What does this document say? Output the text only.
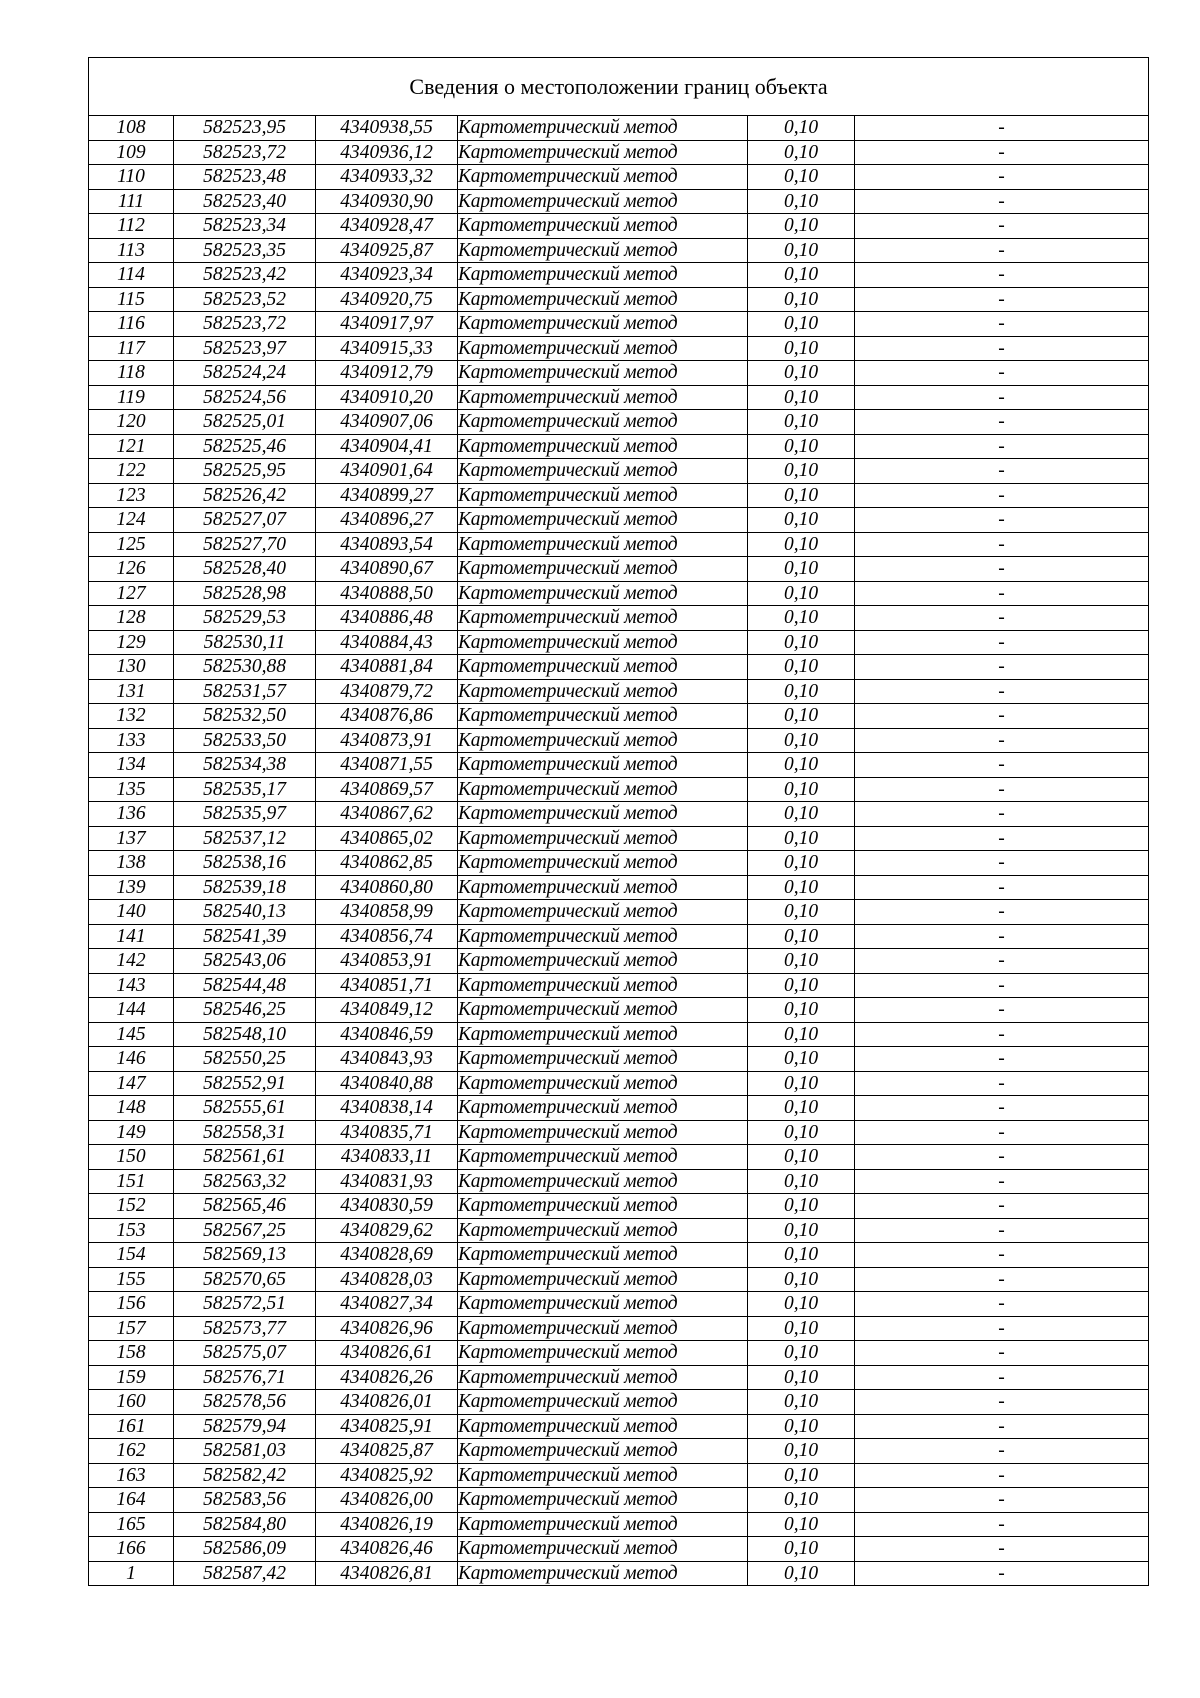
Сведения о местоположении границ объекта					
108	582523,95	4340938,55	Картометрический метод	0,10	-
109	582523,72	4340936,12	Картометрический метод	0,10	-
110	582523,48	4340933,32	Картометрический метод	0,10	-
111	582523,40	4340930,90	Картометрический метод	0,10	-
112	582523,34	4340928,47	Картометрический метод	0,10	-
113	582523,35	4340925,87	Картометрический метод	0,10	-
114	582523,42	4340923,34	Картометрический метод	0,10	-
115	582523,52	4340920,75	Картометрический метод	0,10	-
116	582523,72	4340917,97	Картометрический метод	0,10	-
117	582523,97	4340915,33	Картометрический метод	0,10	-
118	582524,24	4340912,79	Картометрический метод	0,10	-
119	582524,56	4340910,20	Картометрический метод	0,10	-
120	582525,01	4340907,06	Картометрический метод	0,10	-
121	582525,46	4340904,41	Картометрический метод	0,10	-
122	582525,95	4340901,64	Картометрический метод	0,10	-
123	582526,42	4340899,27	Картометрический метод	0,10	-
124	582527,07	4340896,27	Картометрический метод	0,10	-
125	582527,70	4340893,54	Картометрический метод	0,10	-
126	582528,40	4340890,67	Картометрический метод	0,10	-
127	582528,98	4340888,50	Картометрический метод	0,10	-
128	582529,53	4340886,48	Картометрический метод	0,10	-
129	582530,11	4340884,43	Картометрический метод	0,10	-
130	582530,88	4340881,84	Картометрический метод	0,10	-
131	582531,57	4340879,72	Картометрический метод	0,10	-
132	582532,50	4340876,86	Картометрический метод	0,10	-
133	582533,50	4340873,91	Картометрический метод	0,10	-
134	582534,38	4340871,55	Картометрический метод	0,10	-
135	582535,17	4340869,57	Картометрический метод	0,10	-
136	582535,97	4340867,62	Картометрический метод	0,10	-
137	582537,12	4340865,02	Картометрический метод	0,10	-
138	582538,16	4340862,85	Картометрический метод	0,10	-
139	582539,18	4340860,80	Картометрический метод	0,10	-
140	582540,13	4340858,99	Картометрический метод	0,10	-
141	582541,39	4340856,74	Картометрический метод	0,10	-
142	582543,06	4340853,91	Картометрический метод	0,10	-
143	582544,48	4340851,71	Картометрический метод	0,10	-
144	582546,25	4340849,12	Картометрический метод	0,10	-
145	582548,10	4340846,59	Картометрический метод	0,10	-
146	582550,25	4340843,93	Картометрический метод	0,10	-
147	582552,91	4340840,88	Картометрический метод	0,10	-
148	582555,61	4340838,14	Картометрический метод	0,10	-
149	582558,31	4340835,71	Картометрический метод	0,10	-
150	582561,61	4340833,11	Картометрический метод	0,10	-
151	582563,32	4340831,93	Картометрический метод	0,10	-
152	582565,46	4340830,59	Картометрический метод	0,10	-
153	582567,25	4340829,62	Картометрический метод	0,10	-
154	582569,13	4340828,69	Картометрический метод	0,10	-
155	582570,65	4340828,03	Картометрический метод	0,10	-
156	582572,51	4340827,34	Картометрический метод	0,10	-
157	582573,77	4340826,96	Картометрический метод	0,10	-
158	582575,07	4340826,61	Картометрический метод	0,10	-
159	582576,71	4340826,26	Картометрический метод	0,10	-
160	582578,56	4340826,01	Картометрический метод	0,10	-
161	582579,94	4340825,91	Картометрический метод	0,10	-
162	582581,03	4340825,87	Картометрический метод	0,10	-
163	582582,42	4340825,92	Картометрический метод	0,10	-
164	582583,56	4340826,00	Картометрический метод	0,10	-
165	582584,80	4340826,19	Картометрический метод	0,10	-
166	582586,09	4340826,46	Картометрический метод	0,10	-
1	582587,42	4340826,81	Картометрический метод	0,10	-
